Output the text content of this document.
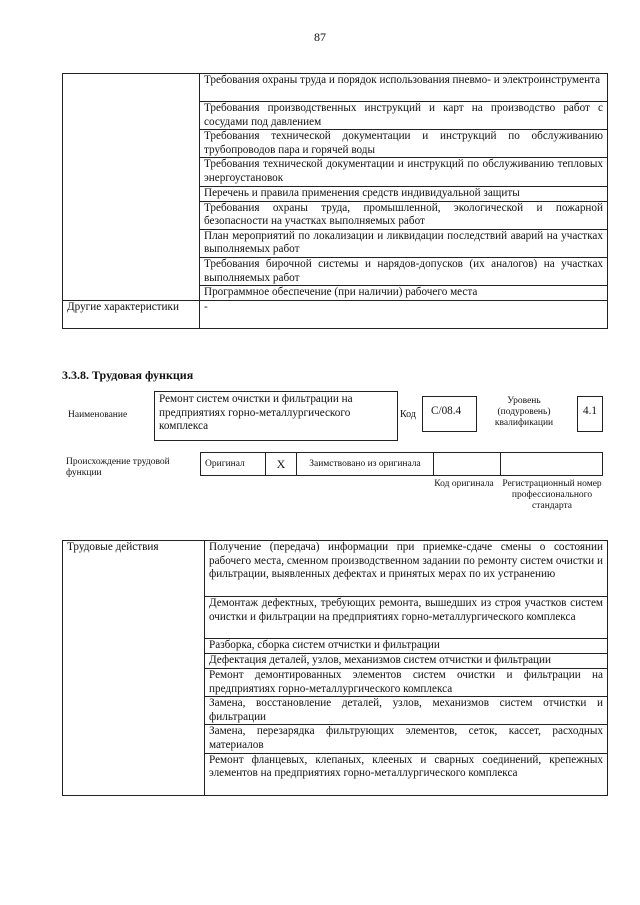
87
	Требования охраны труда и порядок использования пневмо- и электроинструмента
	Требования производственных инструкций и карт на производство работ с сосудами под давлением
	Требования технической документации и инструкций по обслуживанию трубопроводов пара и горячей воды
	Требования технической документации и инструкций по обслуживанию тепловых энергоустановок
	Перечень и правила применения средств индивидуальной защиты
	Требования охраны труда, промышленной, экологической и пожарной безопасности на участках выполняемых работ
	План мероприятий по локализации и ликвидации последствий аварий на участках выполняемых работ
	Требования бирочной системы и нарядов-допусков (их аналогов) на участках выполняемых работ
	Программное обеспечение (при наличии) рабочего места
Другие характеристики	-
3.3.8. Трудовая функция
Наименование
Ремонт систем очистки и фильтрации на предприятиях горно-металлургического комплекса
Код	С/08.4
Уровень (подуровень) квалификации
4.1
Происхождение трудовой функции
Оригинал	X	Заимствовано из оригинала		
Код оригинала Регистрационный номер профессионального стандарта
Трудовые действия	Получение (передача) информации при приемке-сдаче смены о состоянии рабочего места, сменном производственном задании по ремонту систем очистки и фильтрации, выявленных дефектах и принятых мерах по их устранению
Демонтаж дефектных, требующих ремонта, вышедших из строя участков систем очистки и фильтрации на предприятиях горно-металлургического комплекса
Разборка, сборка систем отчистки и фильтрации
Дефектация деталей, узлов, механизмов систем отчистки и фильтрации
Ремонт демонтированных элементов систем очистки и фильтрации на предприятиях горно-металлургического комплекса
Замена, восстановление деталей, узлов, механизмов систем отчистки и фильтрации
Замена, перезарядка фильтрующих элементов, сеток, кассет, расходных материалов
Ремонт фланцевых, клепаных, клееных и сварных соединений, крепежных элементов на предприятиях горно-металлургического комплекса
